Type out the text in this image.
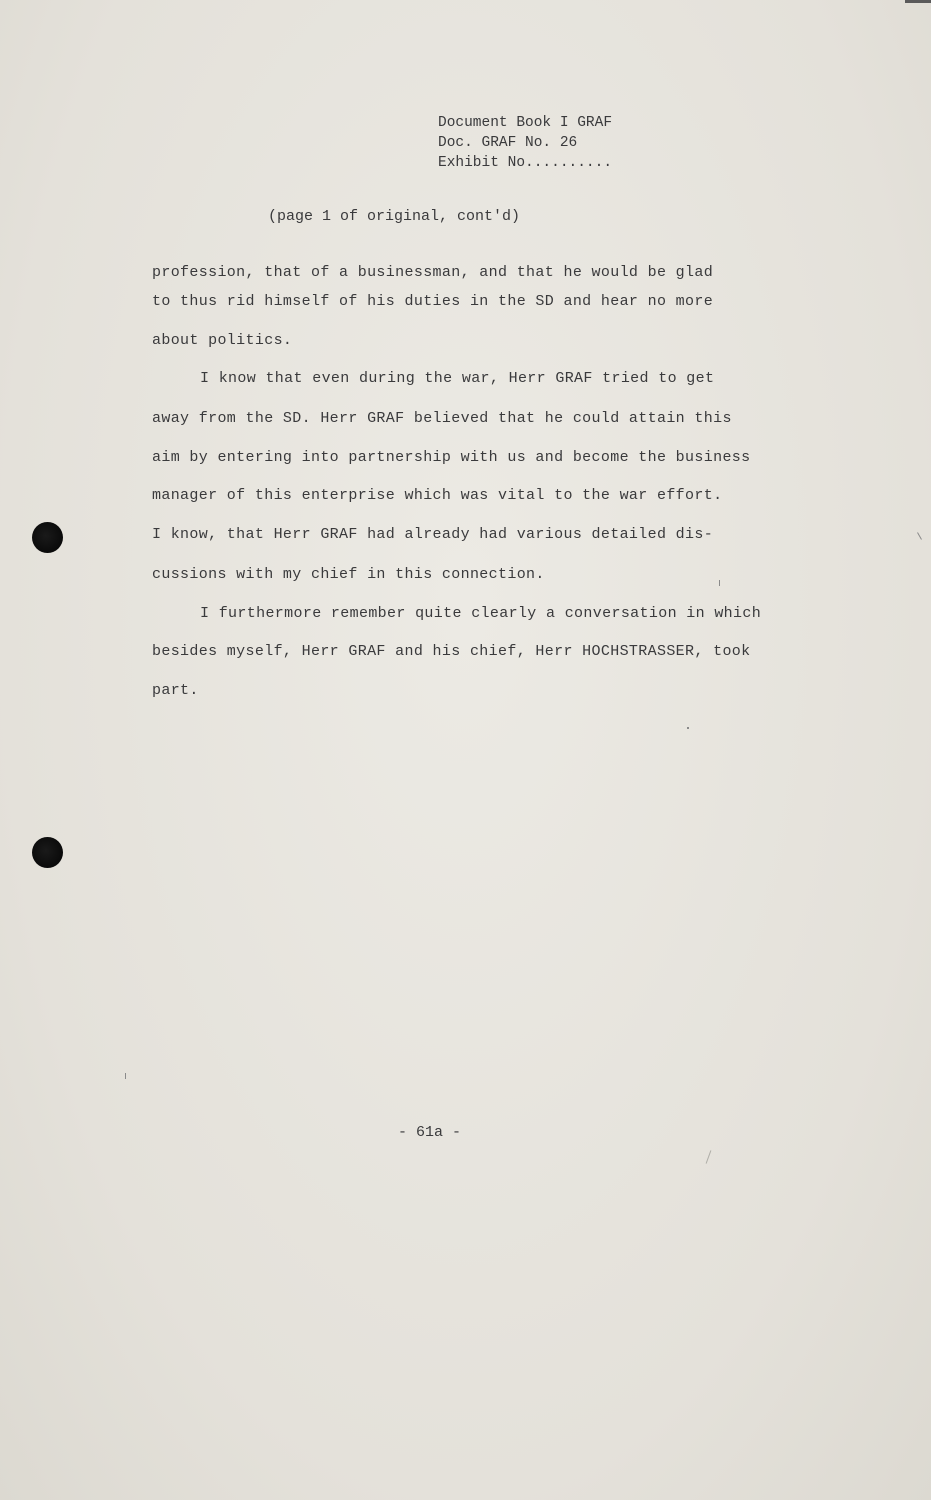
Document Book I GRAF
Doc. GRAF No. 26
Exhibit No..........
(page 1 of original, cont'd)
profession, that of a businessman, and that he would be glad
to thus rid himself of his duties in the SD and hear no more
about politics.
I know that even during the war, Herr GRAF tried to get
away from the SD. Herr GRAF believed that he could attain this
aim by entering into partnership with us and become the business
manager of this enterprise which was vital to the war effort.
I know, that Herr GRAF had already had various detailed dis-
cussions with my chief in this connection.
I furthermore remember quite clearly a conversation in which
besides myself, Herr GRAF and his chief, Herr HOCHSTRASSER, took
part.
- 61a -
